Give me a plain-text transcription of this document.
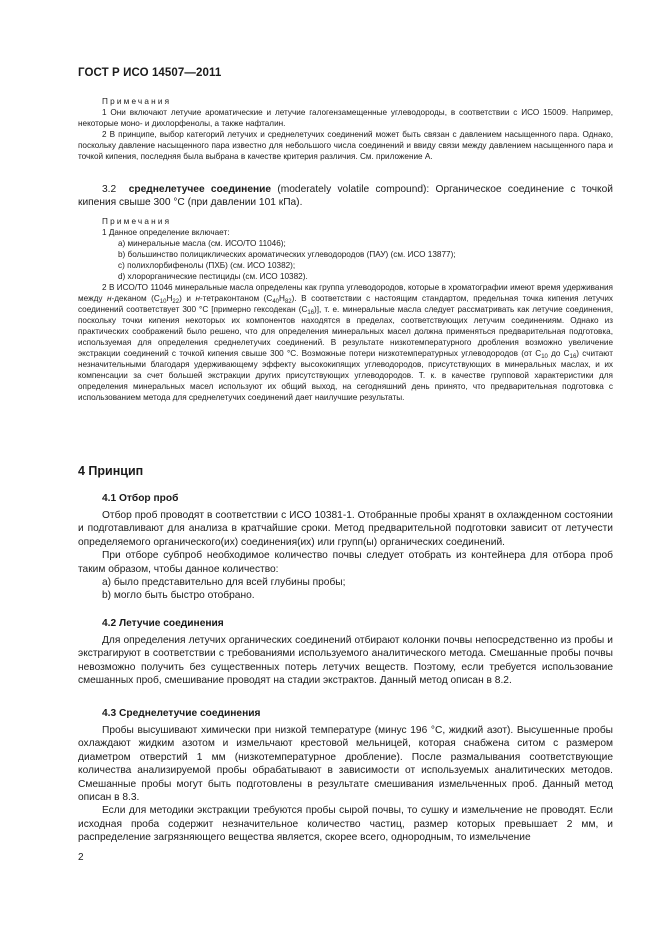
ГОСТ Р ИСО 14507—2011

Примечания

1 Они включают летучие ароматические и летучие галогензамещенные углеводороды, в соответствии с ИСО 15009. Например, некоторые моно- и дихлорфенолы, а также нафталин.

2 В принципе, выбор категорий летучих и среднелетучих соединений может быть связан с давлением насыщенного пара. Однако, поскольку давление насыщенного пара известно для небольшого числа соединений и ввиду связи между давлением насыщенного пара и точкой кипения, последняя была выбрана в качестве критерия различия. См. приложение А.

3.2 среднелетучее соединение (moderately volatile compound): Органическое соединение с точкой кипения свыше 300 °С (при давлении 101 кПа).

Примечания

1 Данное определение включает:

a) минеральные масла (см. ИСО/ТО 11046);

b) большинство полициклических ароматических углеводородов (ПАУ) (см. ИСО 13877);

c) полихлорбифенолы (ПХБ) (см. ИСО 10382);

d) хлорорганические пестициды (см. ИСО 10382).

2 В ИСО/ТО 11046 минеральные масла определены как группа углеводородов, которые в хроматографии имеют время удерживания между н-деканом $(C_{10}H_{22})$ и н-тетраконтаном $(C_{40}H_{82})$. В соответствии с настоящим стандартом, предельная точка кипения летучих соединений соответствует 300 °С [примерно гексодекан $(C_{16})$], т. е. минеральные масла следует рассматривать как летучие соединения, поскольку точки кипения некоторых их компонентов находятся в пределах, соответствующих летучим соединениям. Однако из практических соображений было решено, что для определения минеральных масел должна применяться предварительная подготовка, используемая для определения среднелетучих соединений. В результате низкотемпературного дробления возможно увеличение экстракции соединений с точкой кипения свыше 300 °С. Возможные потери низкотемпературных углеводородов (от $C_{10}$ до $C_{16}$) считают незначительными благодаря удерживающему эффекту высококипящих углеводородов, присутствующих в минеральных маслах, и их компенсации за счет большей экстракции других присутствующих углеводородов. Т. к. в качестве групповой характеристики для определения минеральных масел используют их общий выход, на сегодняшний день принято, что предварительная подготовка с использованием метода для среднелетучих соединений дает наилучшие результаты.

4 Принцип
4.1 Отбор проб

Отбор проб проводят в соответствии с ИСО 10381-1. Отобранные пробы хранят в охлажденном состоянии и подготавливают для анализа в кратчайшие сроки. Метод предварительной подготовки зависит от летучести определяемого органического(их) соединения(их) или групп(ы) органических соединений.

При отборе субпроб необходимое количество почвы следует отобрать из контейнера для отбора проб таким образом, чтобы данное количество:

a) было представительно для всей глубины пробы;

b) могло быть быстро отобрано.

4.2 Летучие соединения

Для определения летучих органических соединений отбирают колонки почвы непосредственно из пробы и экстрагируют в соответствии с требованиями используемого аналитического метода. Смешанные пробы почвы невозможно получить без существенных потерь летучих веществ. Поэтому, если требуется использование смешанных проб, смешивание проводят на стадии экстрактов. Данный метод описан в 8.2.

4.3 Среднелетучие соединения

Пробы высушивают химически при низкой температуре (минус 196 °С, жидкий азот). Высушенные пробы охлаждают жидким азотом и измельчают крестовой мельницей, которая снабжена ситом с размером диаметром отверстий 1 мм (низкотемпературное дробление). После размалывания соответствующие количества анализируемой пробы обрабатывают в зависимости от используемых аналитических методов. Смешанные пробы могут быть подготовлены в результате смешивания измельченных проб. Данный метод описан в 8.3.

Если для методики экстракции требуются пробы сырой почвы, то сушку и измельчение не проводят. Если исходная проба содержит незначительное количество частиц, размер которых превышает 2 мм, и распределение загрязняющего вещества является, скорее всего, однородным, то измельчение

2
